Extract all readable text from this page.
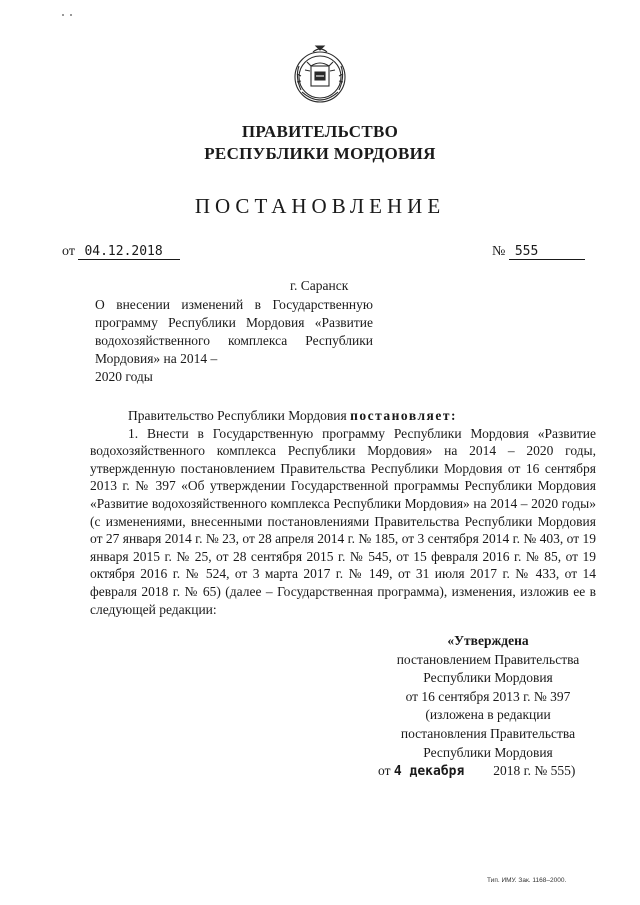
ПРАВИТЕЛЬСТВО
РЕСПУБЛИКИ МОРДОВИЯ
ПОСТАНОВЛЕНИЕ
от 04.12.2018	№ 555
г. Саранск
О внесении изменений в Государственную программу Республики Мордовия «Развитие водохозяйственного комплекса Республики Мордовия» на 2014 –
2020 годы

Правительство Республики Мордовия постановляет:

1. Внести в Государственную программу Республики Мордовия «Развитие водохозяйственного комплекса Республики Мордовия» на 2014 – 2020 годы, утвержденную постановлением Правительства Республики Мордовия от 16 сентября 2013 г. № 397 «Об утверждении Государственной программы Республики Мордовия «Развитие водохозяйственного комплекса Республики Мордовия» на 2014 – 2020 годы» (с изменениями, внесенными постановлениями Правительства Республики Мордовия от 27 января 2014 г. № 23, от 28 апреля 2014 г. № 185, от 3 сентября 2014 г. № 403, от 19 января 2015 г. № 25, от 28 сентября 2015 г. № 545, от 15 февраля 2016 г. № 85, от 19 октября 2016 г. № 524, от 3 марта 2017 г. № 149, от 31 июля 2017 г. № 433, от 14 февраля 2018 г. № 65) (далее – Государственная программа), изменения, изложив ее в следующей редакции:

«Утверждена
постановлением Правительства
Республики Мордовия
от 16 сентября 2013 г. № 397
(изложена в редакции
постановления Правительства
Республики Мордовия
от 4 декабря 2018 г. № 555)
Тип. ИМУ. Зак. 1168–2000.
